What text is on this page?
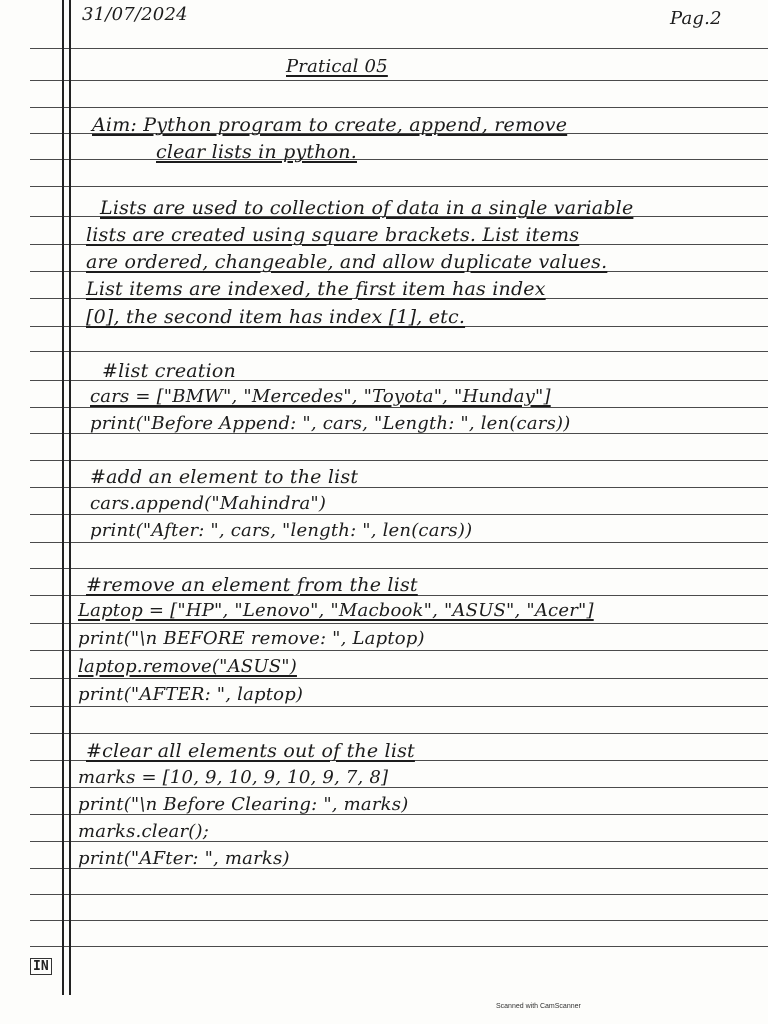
31/07/2024	Pag.2
Pratical 05
Aim: Python program to create, append, remove
clear lists in python.
Lists are used to collection of data in a single variable
lists are created using square brackets. List items
are ordered, changeable, and allow duplicate values.
List items are indexed, the first item has index
[0], the second item has index [1], etc.
#list creation
cars = ["BMW", "Mercedes", "Toyota", "Hunday"]
print("Before Append: ", cars, "Length: ", len(cars))
#add an element to the list
cars.append("Mahindra")
print("After: ", cars, "length: ", len(cars))
#remove an element from the list
Laptop = ["HP", "Lenovo", "Macbook", "ASUS", "Acer"]
print("\n BEFORE remove: ", Laptop)
laptop.remove("ASUS")
print("AFTER: ", laptop)
#clear all elements out of the list
marks = [10, 9, 10, 9, 10, 9, 7, 8]
print("\n Before Clearing: ", marks)
marks.clear();
print("AFter: ", marks)
IN
Scanned with CamScanner
